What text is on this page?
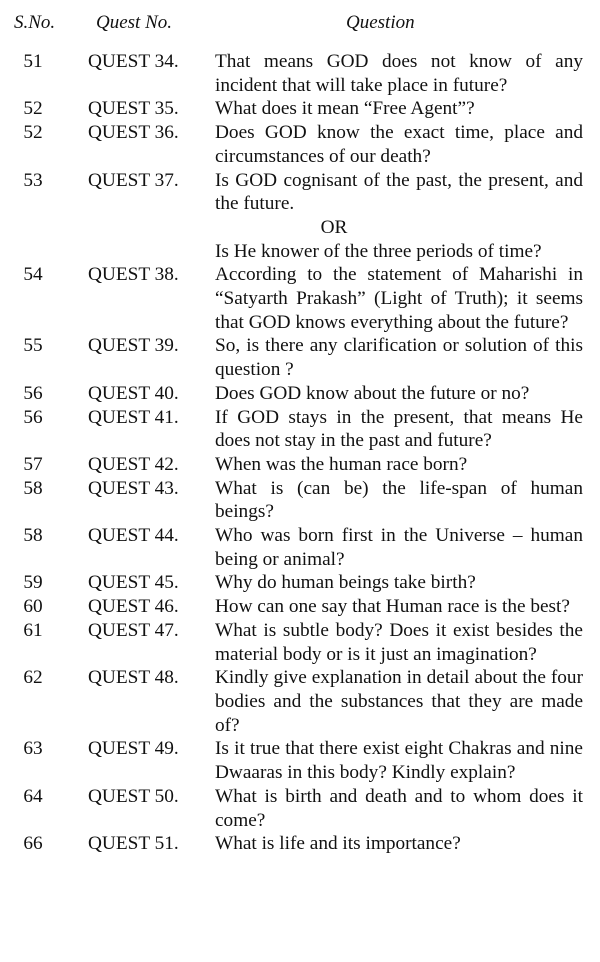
S.No. Quest No.	Question
51 QUEST 34. That means GOD does not know of any incident that will take place in future?
52 QUEST 35. What does it mean “Free Agent”?
52 QUEST 36. Does GOD know the exact time, place and circumstances of our death?
53 QUEST 37. Is GOD cognisant of the past, the present, and the future.
OR
Is He knower of the three periods of time?
54 QUEST 38. According to the statement of Maharishi in “Satyarth Prakash” (Light of Truth); it seems that GOD knows everything about the future?
55 QUEST 39. So, is there any clarification or solution of this question ?
56 QUEST 40. Does GOD know about the future or no?
56 QUEST 41. If GOD stays in the present, that means He does not stay in the past and future?
57 QUEST 42. When was the human race born?
58 QUEST 43. What is (can be) the life-span of human beings?
58 QUEST 44. Who was born first in the Universe – human being or animal?
59 QUEST 45. Why do human beings take birth?
60 QUEST 46. How can one say that Human race is the best?
61 QUEST 47. What is subtle body? Does it exist besides the material body or is it just an imagination?
62 QUEST 48. Kindly give explanation in detail about the four bodies and the substances that they are made of?
63 QUEST 49. Is it true that there exist eight Chakras and nine Dwaaras in this body? Kindly explain?
64 QUEST 50. What is birth and death and to whom does it come?
66 QUEST 51. What is life and its importance?
